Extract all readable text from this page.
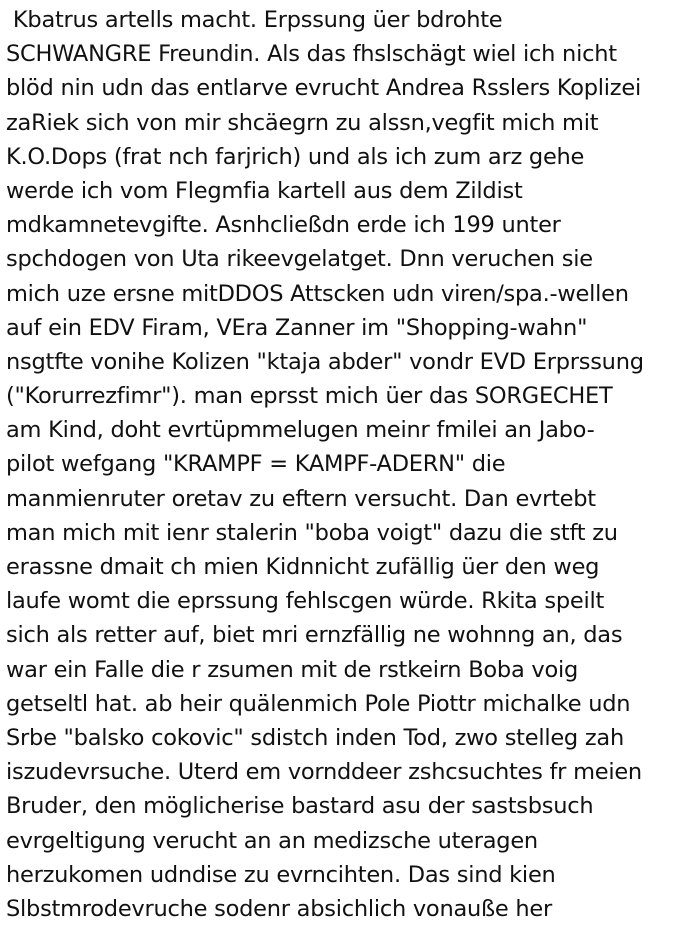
Kbatrus artells macht. Erpssung üer bdrohte
SCHWANGRE Freundin. Als das fhslschägt wiel ich nicht
blöd nin udn das entlarve evrucht Andrea Rsslers Koplizei
zaRiek sich von mir shcäegrn zu alssn,vegfit mich mit
K.O.Dops (frat nch farjrich) und als ich zum arz gehe
werde ich vom Flegmfia kartell aus dem Zildist
mdkamnetevgifte. Asnhcließdn erde ich 199 unter
spchdogen von Uta rikeevgelatget. Dnn veruchen sie
mich uze ersne mitDDOS Attscken udn viren/spa.-wellen
auf ein EDV Firam, VEra Zanner im "Shopping-wahn"
nsgtfte vonihe Kolizen "ktaja abder" vondr EVD Erprssung
("Korurrezfimr"). man eprsst mich üer das SORGECHET
am Kind, doht evrtüpmmelugen meinr fmilei an Jabo-
pilot wefgang "KRAMPF = KAMPF-ADERN" die
manmienruter oretav zu eftern versucht. Dan evrtebt
man mich mit ienr stalerin "boba voigt" dazu die stft zu
erassne dmait ch mien Kidnnicht zufällig üer den weg
laufe womt die eprssung fehlscgen würde. Rkita speilt
sich als retter auf, biet mri ernzfällig ne wohnng an, das
war ein Falle die r zsumen mit de rstkeirn Boba voig
getseltl hat. ab heir quälenmich Pole Piottr michalke udn
Srbe "balsko cokovic" sdistch inden Tod, zwo stelleg zah
iszudevrsuche. Uterd em vornddeer zshcsuchtes fr meien
Bruder, den möglicherise bastard asu der sastsbsuch
evrgeltigung verucht an an medizsche uteragen
herzukomen udndise zu evrncihten. Das sind kien
Slbstmrodevruche sodenr absichlich vonauße her
